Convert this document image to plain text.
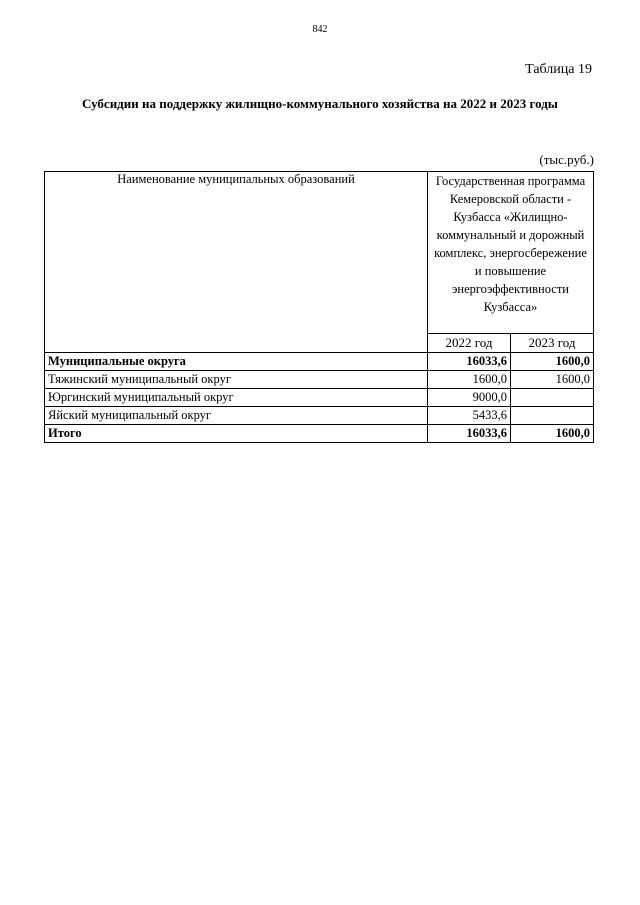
842
Таблица 19
Субсидии на поддержку жилищно-коммунального хозяйства на 2022 и 2023 годы
(тыс.руб.)
Наименование муниципальных образований	Государственная программа Кемеровской области - Кузбасса «Жилищно-коммунальный и дорожный комплекс, энергосбережение и повышение энергоэффективности Кузбасса»	
	2022 год	2023 год
Муниципальные округа	16033,6	1600,0
Тяжинский муниципальный округ	1600,0	1600,0
Юргинский муниципальный округ	9000,0	
Яйский муниципальный округ	5433,6	
Итого	16033,6	1600,0
